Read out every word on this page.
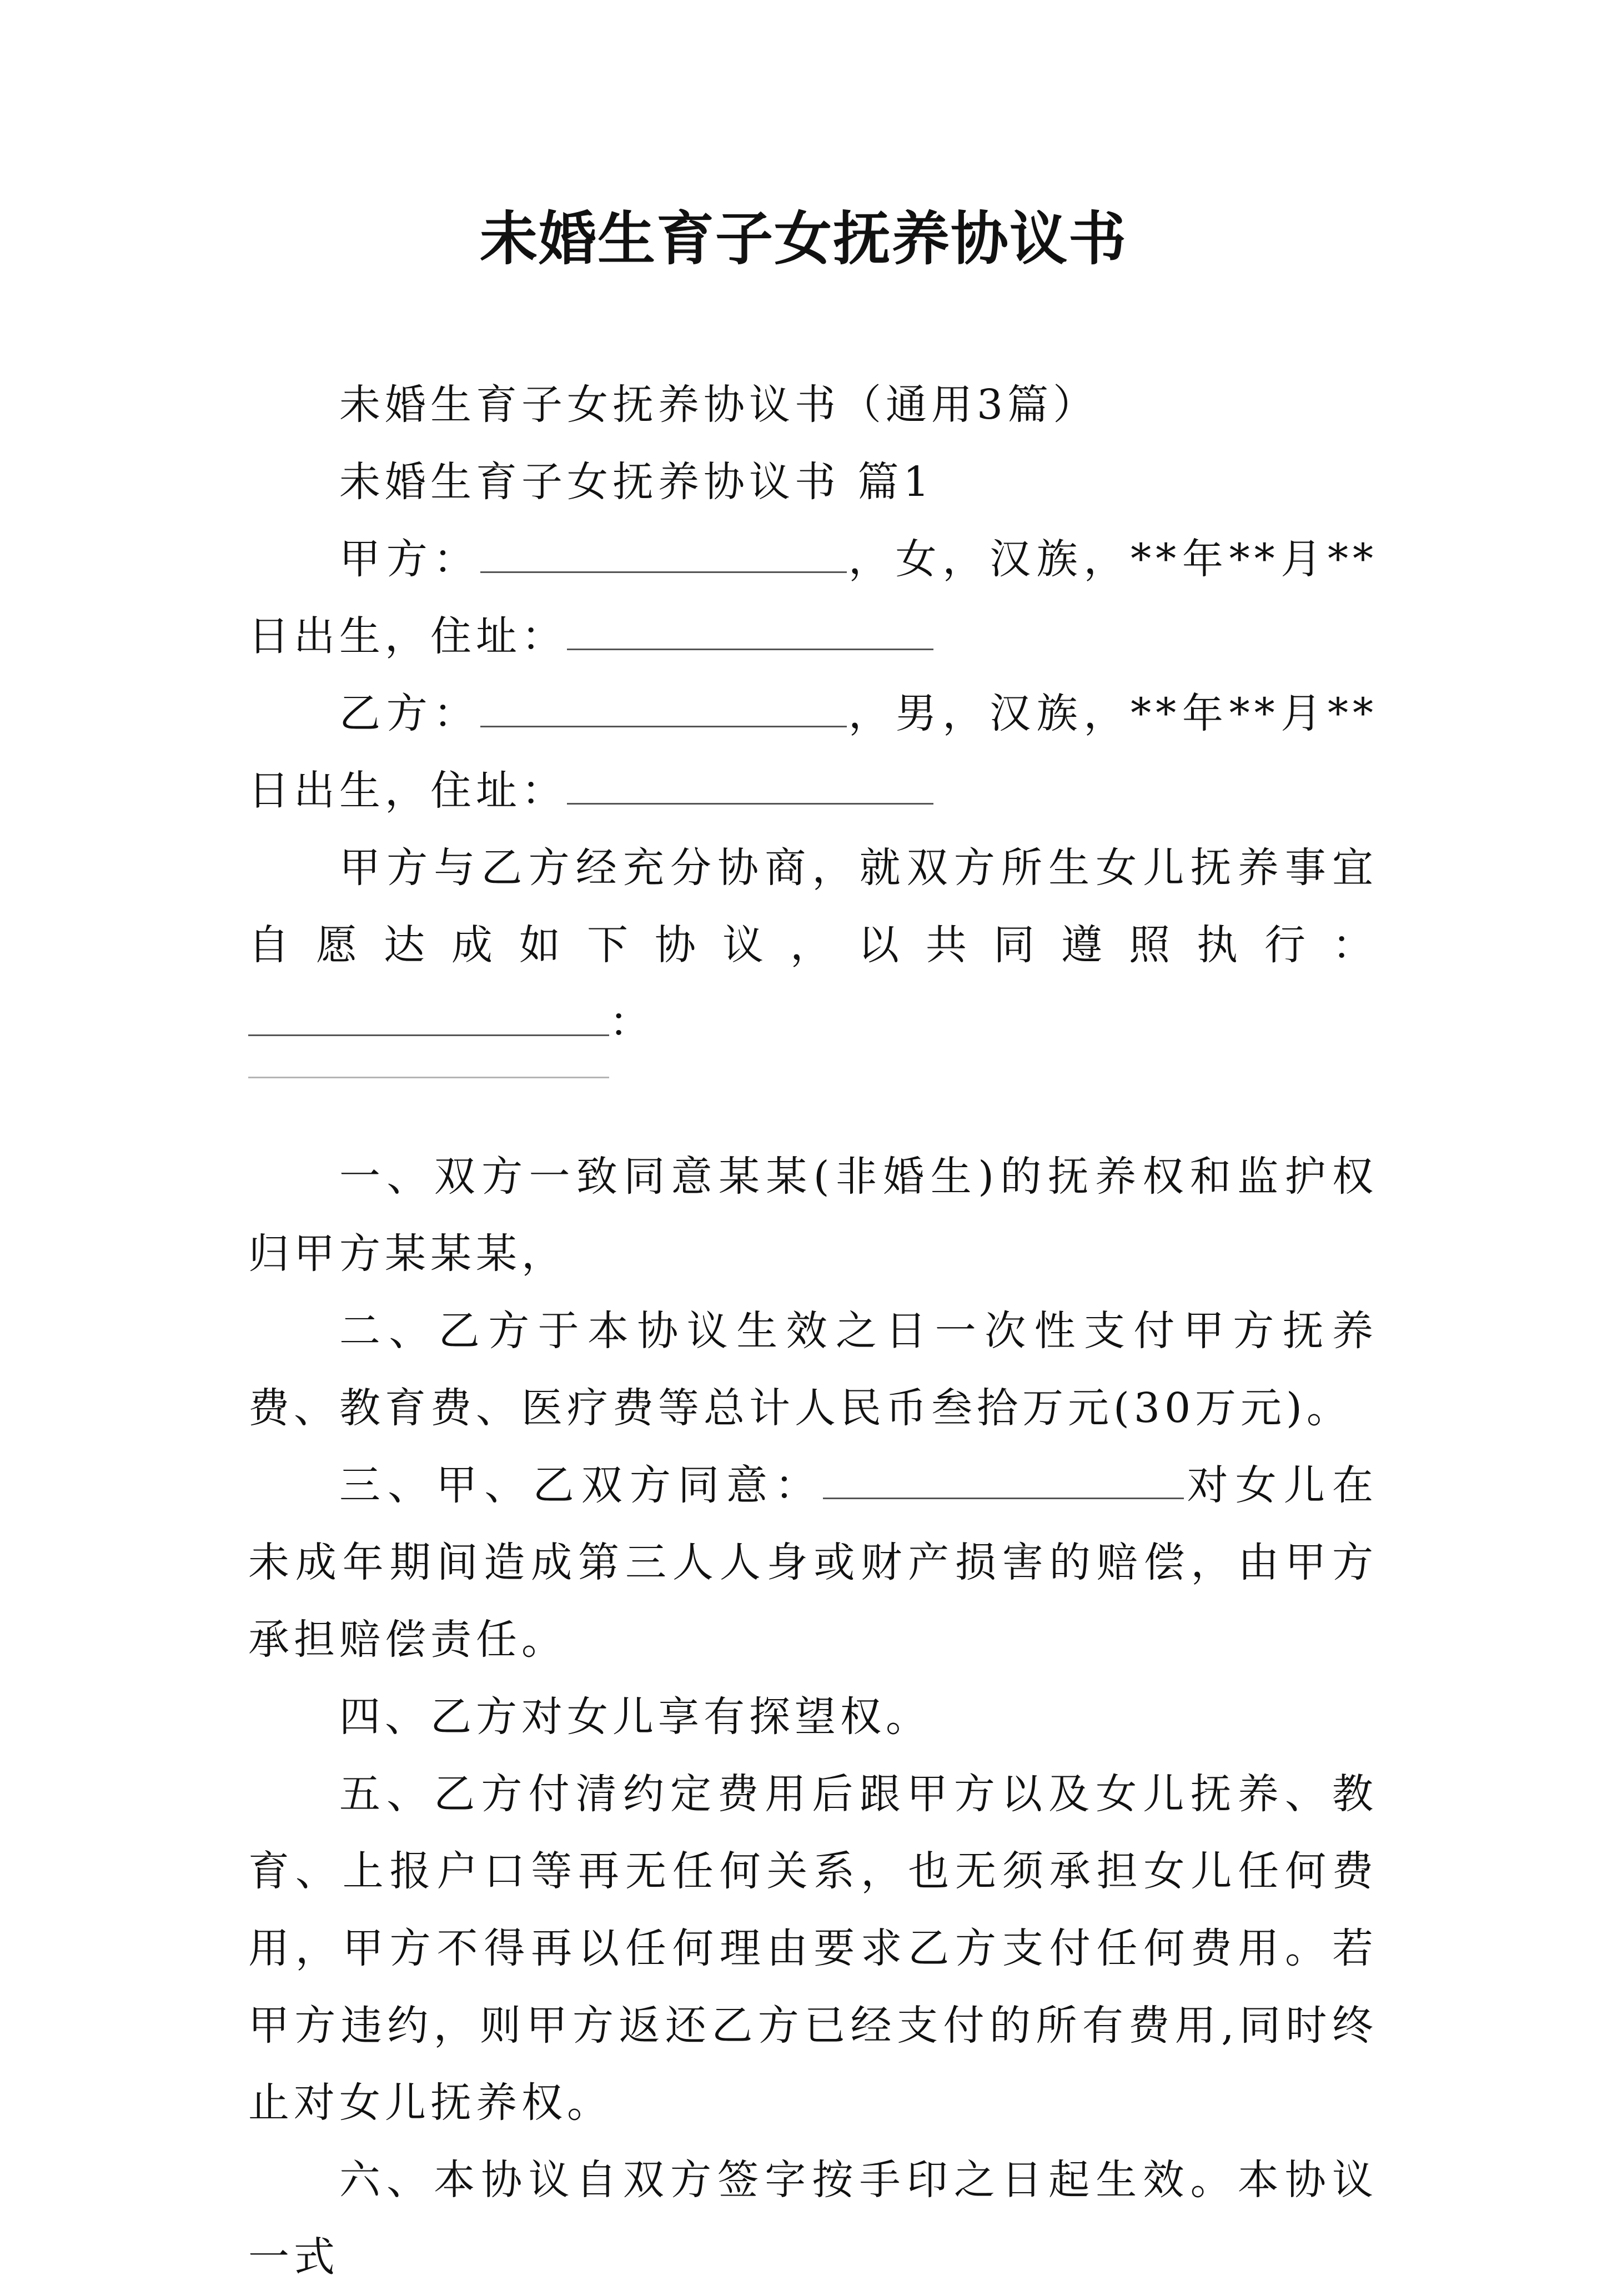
未婚生育子女抚养协议书

未婚生育子女抚养协议书（通用3篇）

未婚生育子女抚养协议书 篇1

甲方：	，女，汉族，**年**月**日出生，住址：

乙方：	，男，汉族，**年**月**日出生，住址：

甲方与乙方经充分协商，就双方所生女儿抚养事宜自愿达成如下协议，以共同遵照执行：：

一、双方一致同意某某(非婚生)的抚养权和监护权归甲方某某某，

二、乙方于本协议生效之日一次性支付甲方抚养费、教育费、医疗费等总计人民币叁拾万元(30万元)。

三、甲、乙双方同意：	对女儿在未成年期间造成第三人人身或财产损害的赔偿，由甲方承担赔偿责任。

四、乙方对女儿享有探望权。

五、乙方付清约定费用后跟甲方以及女儿抚养、教育、上报户口等再无任何关系，也无须承担女儿任何费用，甲方不得再以任何理由要求乙方支付任何费用。若甲方违约，则甲方返还乙方已经支付的所有费用,同时终止对女儿抚养权。

六、本协议自双方签字按手印之日起生效。本协议一式
